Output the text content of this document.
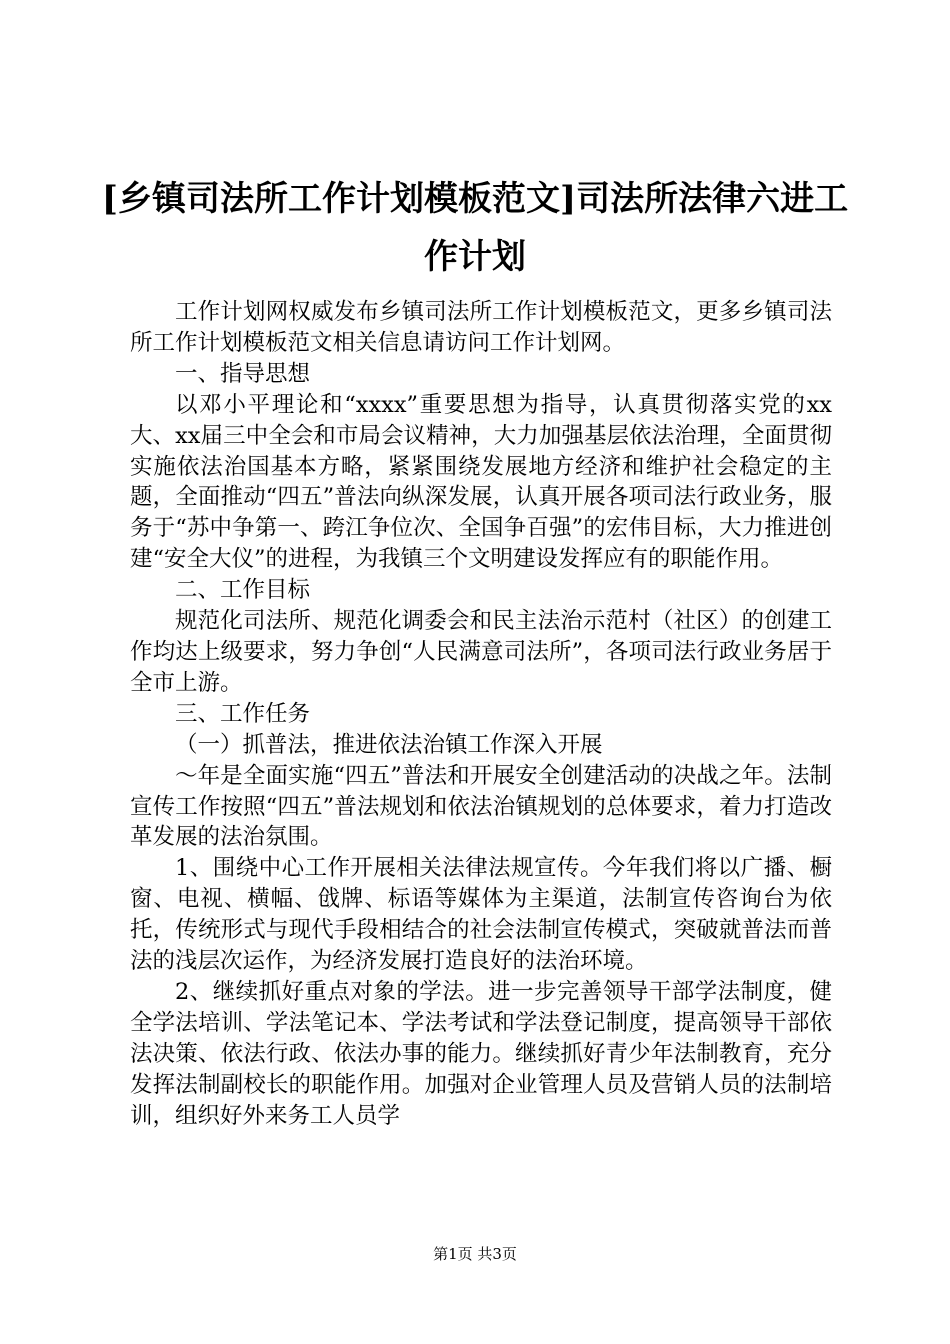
[乡镇司法所工作计划模板范文]司法所法律六进工作计划

工作计划网权威发布乡镇司法所工作计划模板范文，更多乡镇司法所工作计划模板范文相关信息请访问工作计划网。

一、指导思想

以邓小平理论和“xxxx”重要思想为指导，认真贯彻落实党的xx大、xx届三中全会和市局会议精神，大力加强基层依法治理，全面贯彻实施依法治国基本方略，紧紧围绕发展地方经济和维护社会稳定的主题，全面推动“四五”普法向纵深发展，认真开展各项司法行政业务，服务于“苏中争第一、跨江争位次、全国争百强”的宏伟目标，大力推进创建“安全大仪”的进程，为我镇三个文明建设发挥应有的职能作用。

二、工作目标

规范化司法所、规范化调委会和民主法治示范村（社区）的创建工作均达上级要求，努力争创“人民满意司法所”，各项司法行政业务居于全市上游。

三、工作任务

（一）抓普法，推进依法治镇工作深入开展

～年是全面实施“四五”普法和开展安全创建活动的决战之年。法制宣传工作按照“四五”普法规划和依法治镇规划的总体要求，着力打造改革发展的法治氛围。

1、围绕中心工作开展相关法律法规宣传。今年我们将以广播、橱窗、电视、横幅、戗牌、标语等媒体为主渠道，法制宣传咨询台为依托，传统形式与现代手段相结合的社会法制宣传模式，突破就普法而普法的浅层次运作，为经济发展打造良好的法治环境。

2、继续抓好重点对象的学法。进一步完善领导干部学法制度，健全学法培训、学法笔记本、学法考试和学法登记制度，提高领导干部依法决策、依法行政、依法办事的能力。继续抓好青少年法制教育，充分发挥法制副校长的职能作用。加强对企业管理人员及营销人员的法制培训，组织好外来务工人员学

第1页 共3页
